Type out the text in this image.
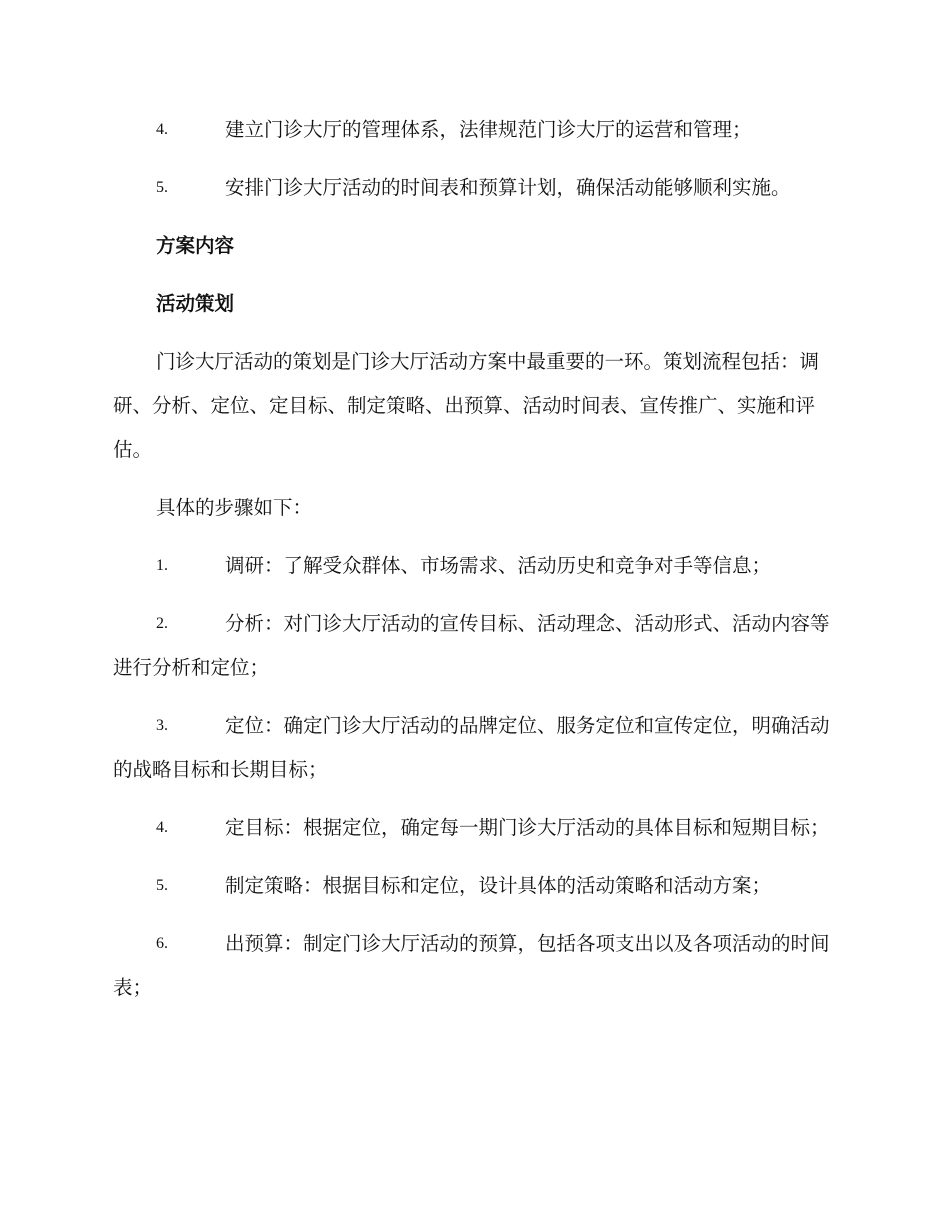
建立门诊大厅的管理体系，法律规范门诊大厅的运营和管理；

4.

安排门诊大厅活动的时间表和预算计划，确保活动能够顺利实施。

5.

方案内容

活动策划

门诊大厅活动的策划是门诊大厅活动方案中最重要的一环。策划流程包括：调研、分析、定位、定目标、制定策略、出预算、活动时间表、宣传推广、实施和评估。

具体的步骤如下：

调研：了解受众群体、市场需求、活动历史和竞争对手等信息；

1.

分析：对门诊大厅活动的宣传目标、活动理念、活动形式、活动内容等进行分析和定位；

2.

定位：确定门诊大厅活动的品牌定位、服务定位和宣传定位，明确活动的战略目标和长期目标；

3.

定目标：根据定位，确定每一期门诊大厅活动的具体目标和短期目标；

4.

制定策略：根据目标和定位，设计具体的活动策略和活动方案；

5.

出预算：制定门诊大厅活动的预算，包括各项支出以及各项活动的时间表；

6.
